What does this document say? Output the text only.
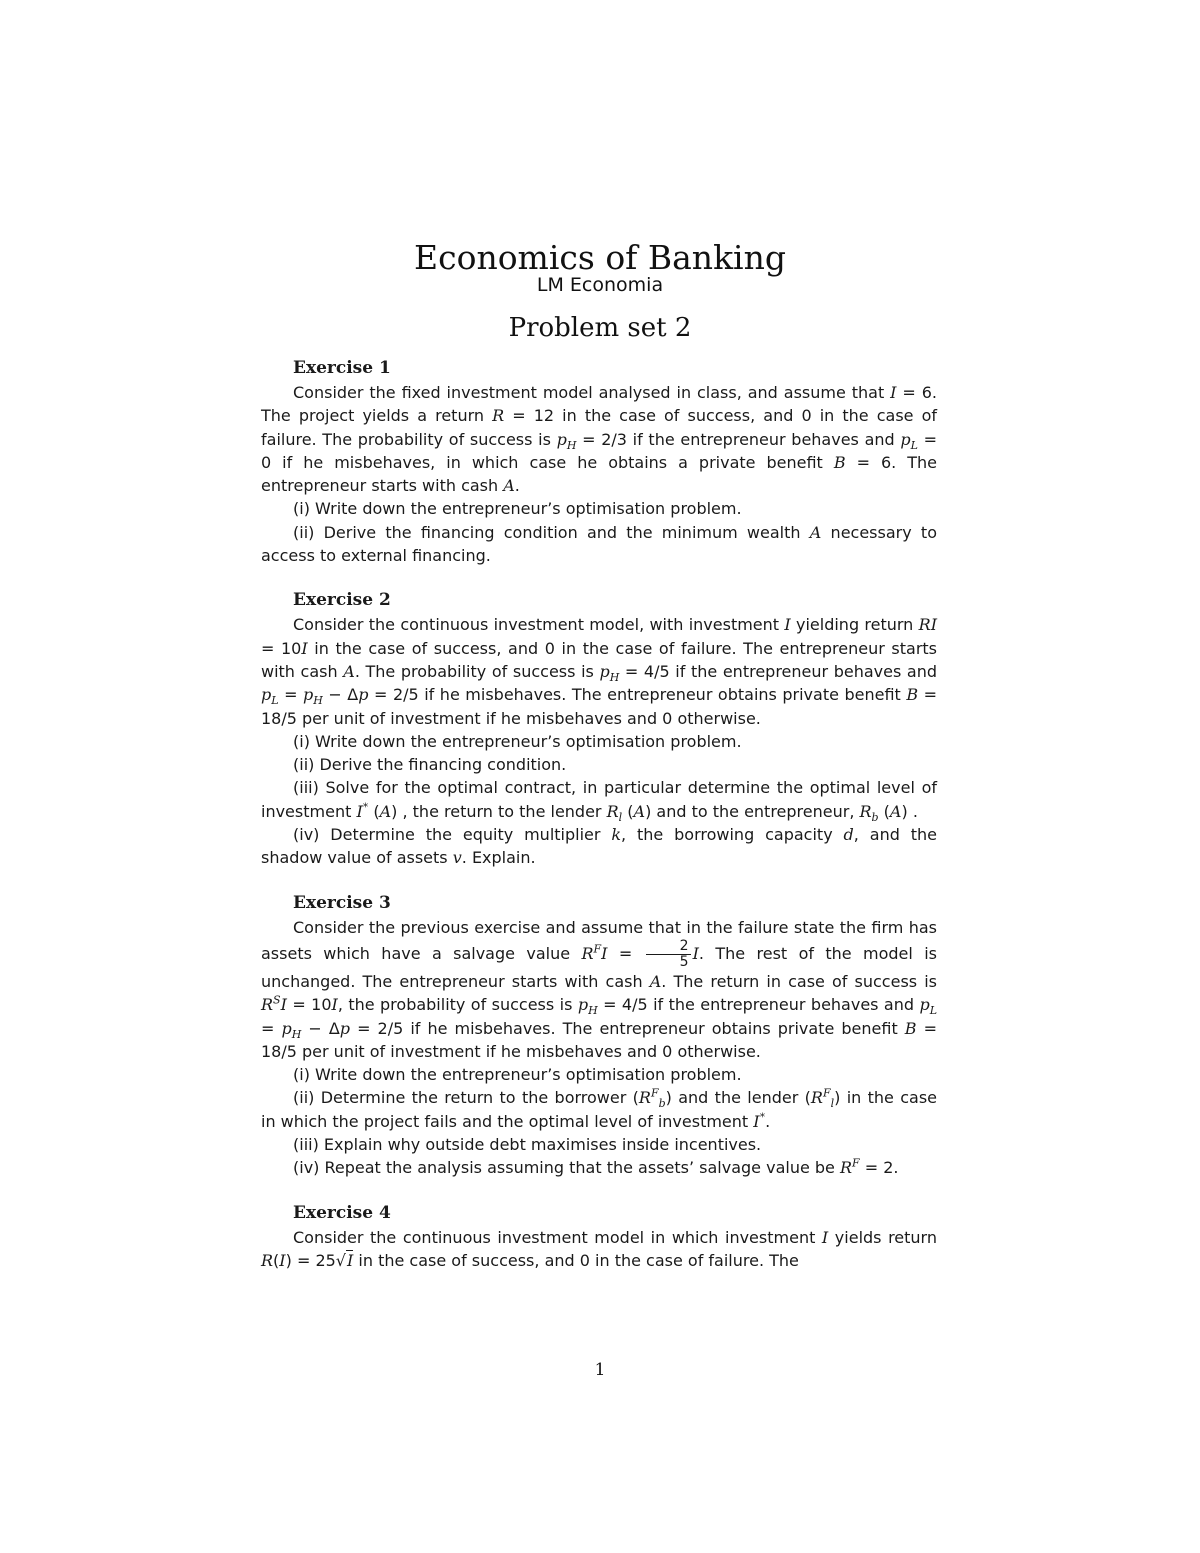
Economics of Banking
LM Economia
Problem set 2
Exercise 1

Consider the fixed investment model analysed in class, and assume that I = 6. The project yields a return R = 12 in the case of success, and 0 in the case of failure. The probability of success is $p_H = 2/3$ if the entrepreneur behaves and $p_L = 0$ if he misbehaves, in which case he obtains a private benefit B = 6. The entrepreneur starts with cash A.

(i) Write down the entrepreneur’s optimisation problem.

(ii) Derive the financing condition and the minimum wealth A necessary to access to external financing.

Exercise 2

Consider the continuous investment model, with investment I yielding return RI = 10I in the case of success, and 0 in the case of failure. The entrepreneur starts with cash A. The probability of success is $p_H = 4/5$ if the entrepreneur behaves and $p_L = p_H - \Delta p = 2/5$ if he misbehaves. The entrepreneur obtains private benefit B = 18/5 per unit of investment if he misbehaves and 0 otherwise.

(i) Write down the entrepreneur’s optimisation problem.

(ii) Derive the financing condition.

(iii) Solve for the optimal contract, in particular determine the optimal level of investment I* (A) , the return to the lender $R_l$ (A) and to the entrepreneur, $R_b$ (A) .

(iv) Determine the equity multiplier k, the borrowing capacity d, and the shadow value of assets v. Explain.

Exercise 3

Consider the previous exercise and assume that in the failure state the firm has assets which have a salvage value $R^FI = \frac{2}{5} I$. The rest of the model is unchanged. The entrepreneur starts with cash A. The return in case of success is $R^SI = 10I$, the probability of success is $p_H = 4/5$ if the entrepreneur behaves and $p_L = p_H - \Delta p = 2/5$ if he misbehaves. The entrepreneur obtains private benefit B = 18/5 per unit of investment if he misbehaves and 0 otherwise.

(i) Write down the entrepreneur’s optimisation problem.

(ii) Determine the return to the borrower $(R^F_b)$ and the lender $(R^F_l)$ in the case in which the project fails and the optimal level of investment I*.

(iii) Explain why outside debt maximises inside incentives.

(iv) Repeat the analysis assuming that the assets’ salvage value be $R^F = 2$.

Exercise 4

Consider the continuous investment model in which investment I yields return R(I) = 25√I in the case of success, and 0 in the case of failure. The

1
